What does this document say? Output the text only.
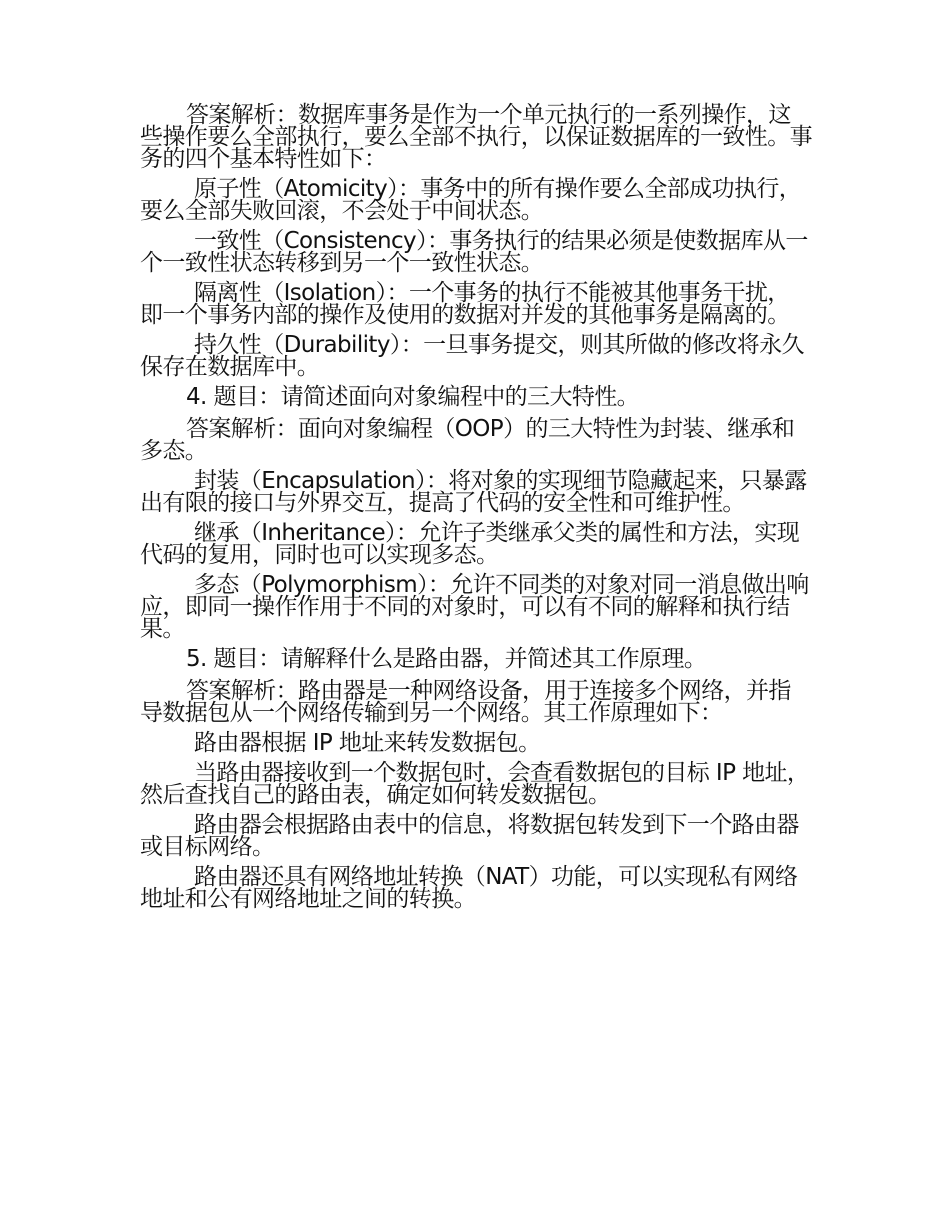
答案解析：数据库事务是作为一个单元执行的一系列操作，这些操作要么全部执行，要么全部不执行，以保证数据库的一致性。事务的四个基本特性如下：

原子性（Atomicity）：事务中的所有操作要么全部成功执行，要么全部失败回滚，不会处于中间状态。

一致性（Consistency）：事务执行的结果必须是使数据库从一个一致性状态转移到另一个一致性状态。

隔离性（Isolation）：一个事务的执行不能被其他事务干扰，即一个事务内部的操作及使用的数据对并发的其他事务是隔离的。

持久性（Durability）：一旦事务提交，则其所做的修改将永久保存在数据库中。

4. 题目：请简述面向对象编程中的三大特性。

答案解析：面向对象编程（OOP）的三大特性为封装、继承和多态。

封装（Encapsulation）：将对象的实现细节隐藏起来，只暴露出有限的接口与外界交互，提高了代码的安全性和可维护性。

继承（Inheritance）：允许子类继承父类的属性和方法，实现代码的复用，同时也可以实现多态。

多态（Polymorphism）：允许不同类的对象对同一消息做出响应，即同一操作作用于不同的对象时，可以有不同的解释和执行结果。

5. 题目：请解释什么是路由器，并简述其工作原理。

答案解析：路由器是一种网络设备，用于连接多个网络，并指导数据包从一个网络传输到另一个网络。其工作原理如下：

路由器根据 IP 地址来转发数据包。

当路由器接收到一个数据包时，会查看数据包的目标 IP 地址，然后查找自己的路由表，确定如何转发数据包。

路由器会根据路由表中的信息，将数据包转发到下一个路由器或目标网络。

路由器还具有网络地址转换（NAT）功能，可以实现私有网络地址和公有网络地址之间的转换。
